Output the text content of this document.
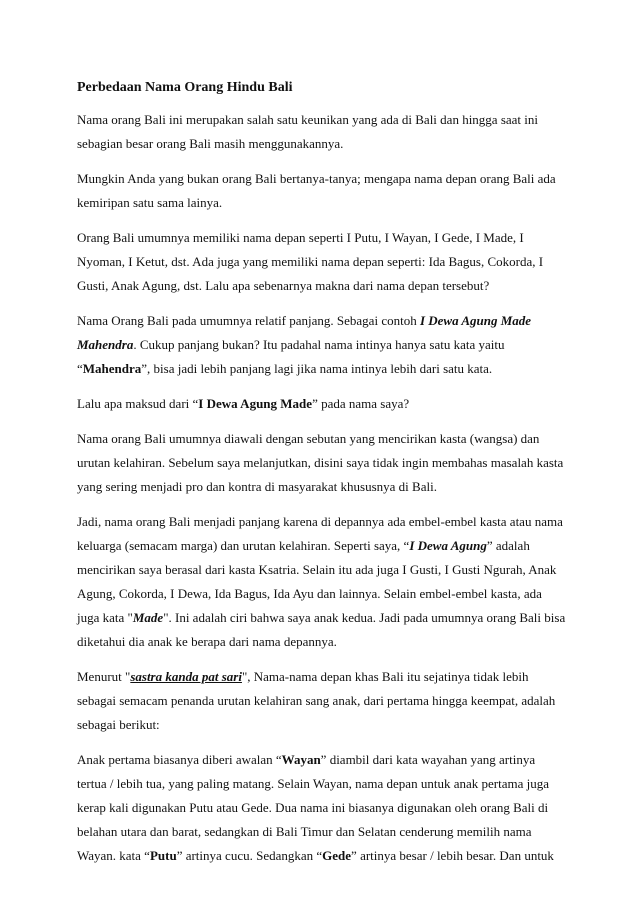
Perbedaan Nama Orang Hindu Bali

Nama orang Bali ini merupakan salah satu keunikan yang ada di Bali dan hingga saat ini
sebagian besar orang Bali masih menggunakannya.

Mungkin Anda yang bukan orang Bali bertanya-tanya; mengapa nama depan orang Bali ada
kemiripan satu sama lainya.

Orang Bali umumnya memiliki nama depan seperti I Putu, I Wayan, I Gede, I Made, I
Nyoman, I Ketut, dst. Ada juga yang memiliki nama depan seperti: Ida Bagus, Cokorda, I
Gusti, Anak Agung, dst. Lalu apa sebenarnya makna dari nama depan tersebut?

Nama Orang Bali pada umumnya relatif panjang. Sebagai contoh I Dewa Agung Made
Mahendra. Cukup panjang bukan? Itu padahal nama intinya hanya satu kata yaitu
“Mahendra”, bisa jadi lebih panjang lagi jika nama intinya lebih dari satu kata.

Lalu apa maksud dari “I Dewa Agung Made” pada nama saya?

Nama orang Bali umumnya diawali dengan sebutan yang mencirikan kasta (wangsa) dan
urutan kelahiran. Sebelum saya melanjutkan, disini saya tidak ingin membahas masalah kasta
yang sering menjadi pro dan kontra di masyarakat khususnya di Bali.

Jadi, nama orang Bali menjadi panjang karena di depannya ada embel-embel kasta atau nama
keluarga (semacam marga) dan urutan kelahiran. Seperti saya, “I Dewa Agung” adalah
mencirikan saya berasal dari kasta Ksatria. Selain itu ada juga I Gusti, I Gusti Ngurah, Anak
Agung, Cokorda, I Dewa, Ida Bagus, Ida Ayu dan lainnya. Selain embel-embel kasta, ada
juga kata "Made". Ini adalah ciri bahwa saya anak kedua. Jadi pada umumnya orang Bali bisa
diketahui dia anak ke berapa dari nama depannya.

Menurut "sastra kanda pat sari", Nama-nama depan khas Bali itu sejatinya tidak lebih
sebagai semacam penanda urutan kelahiran sang anak, dari pertama hingga keempat, adalah
sebagai berikut:

Anak pertama biasanya diberi awalan “Wayan” diambil dari kata wayahan yang artinya
tertua / lebih tua, yang paling matang. Selain Wayan, nama depan untuk anak pertama juga
kerap kali digunakan Putu atau Gede. Dua nama ini biasanya digunakan oleh orang Bali di
belahan utara dan barat, sedangkan di Bali Timur dan Selatan cenderung memilih nama
Wayan. kata “Putu” artinya cucu. Sedangkan “Gede” artinya besar / lebih besar. Dan untuk
